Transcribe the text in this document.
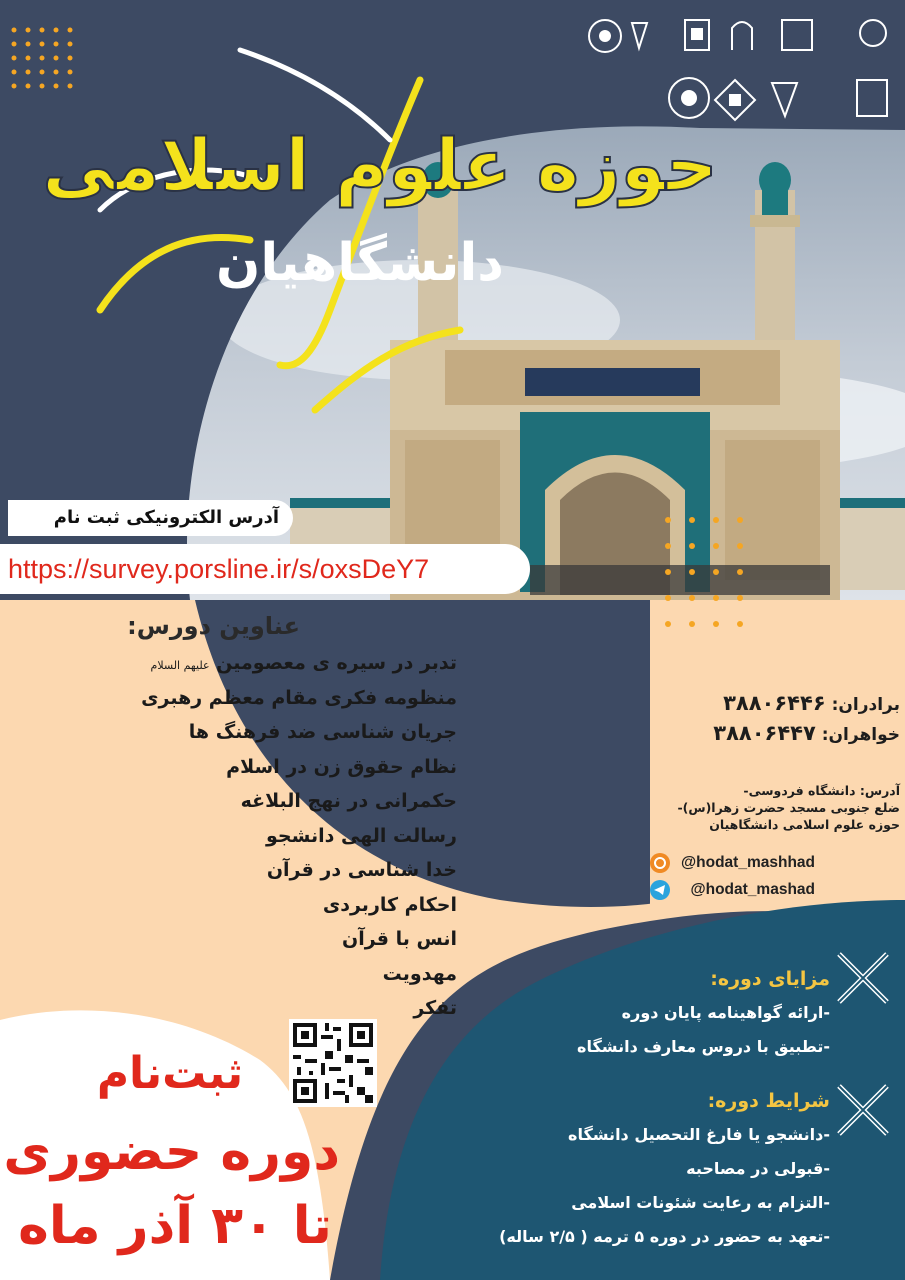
حوزه علوم اسلامی
دانشگاهیان
آدرس الکترونیکی ثبت نام
https://survey.porsline.ir/s/oxsDeY7
عناوین دورس:
تدبر در سیره ی معصومین علیهم السلام
منظومه فکری مقام معظم رهبری
جریان شناسی ضد فرهنگ ها
نظام حقوق زن در اسلام
حکمرانی در نهج البلاغه
رسالت الهی دانشجو
خدا شناسی در قرآن
احکام کاربردی
انس با قرآن
مهدویت
تفکر
برادران: ۳۸۸۰۶۴۴۶
خواهران: ۳۸۸۰۶۴۴۷
آدرس: دانشگاه فردوسی-
ضلع جنوبی مسجد حضرت زهرا(س)-
حوزه علوم اسلامی دانشگاهیان
@hodat_mashhad
@hodat_mashad
مزایای دوره:
-ارائه گواهینامه پایان دوره
-تطبیق با دروس معارف دانشگاه
شرایط دوره:
-دانشجو یا فارغ التحصیل دانشگاه
-قبولی در مصاحبه
-التزام به رعایت شئونات اسلامی
-تعهد به حضور در دوره ۵ ترمه ( ۲/۵ ساله)
ثبت‌نام
دوره حضوری
تا ۳۰ آذر ماه
